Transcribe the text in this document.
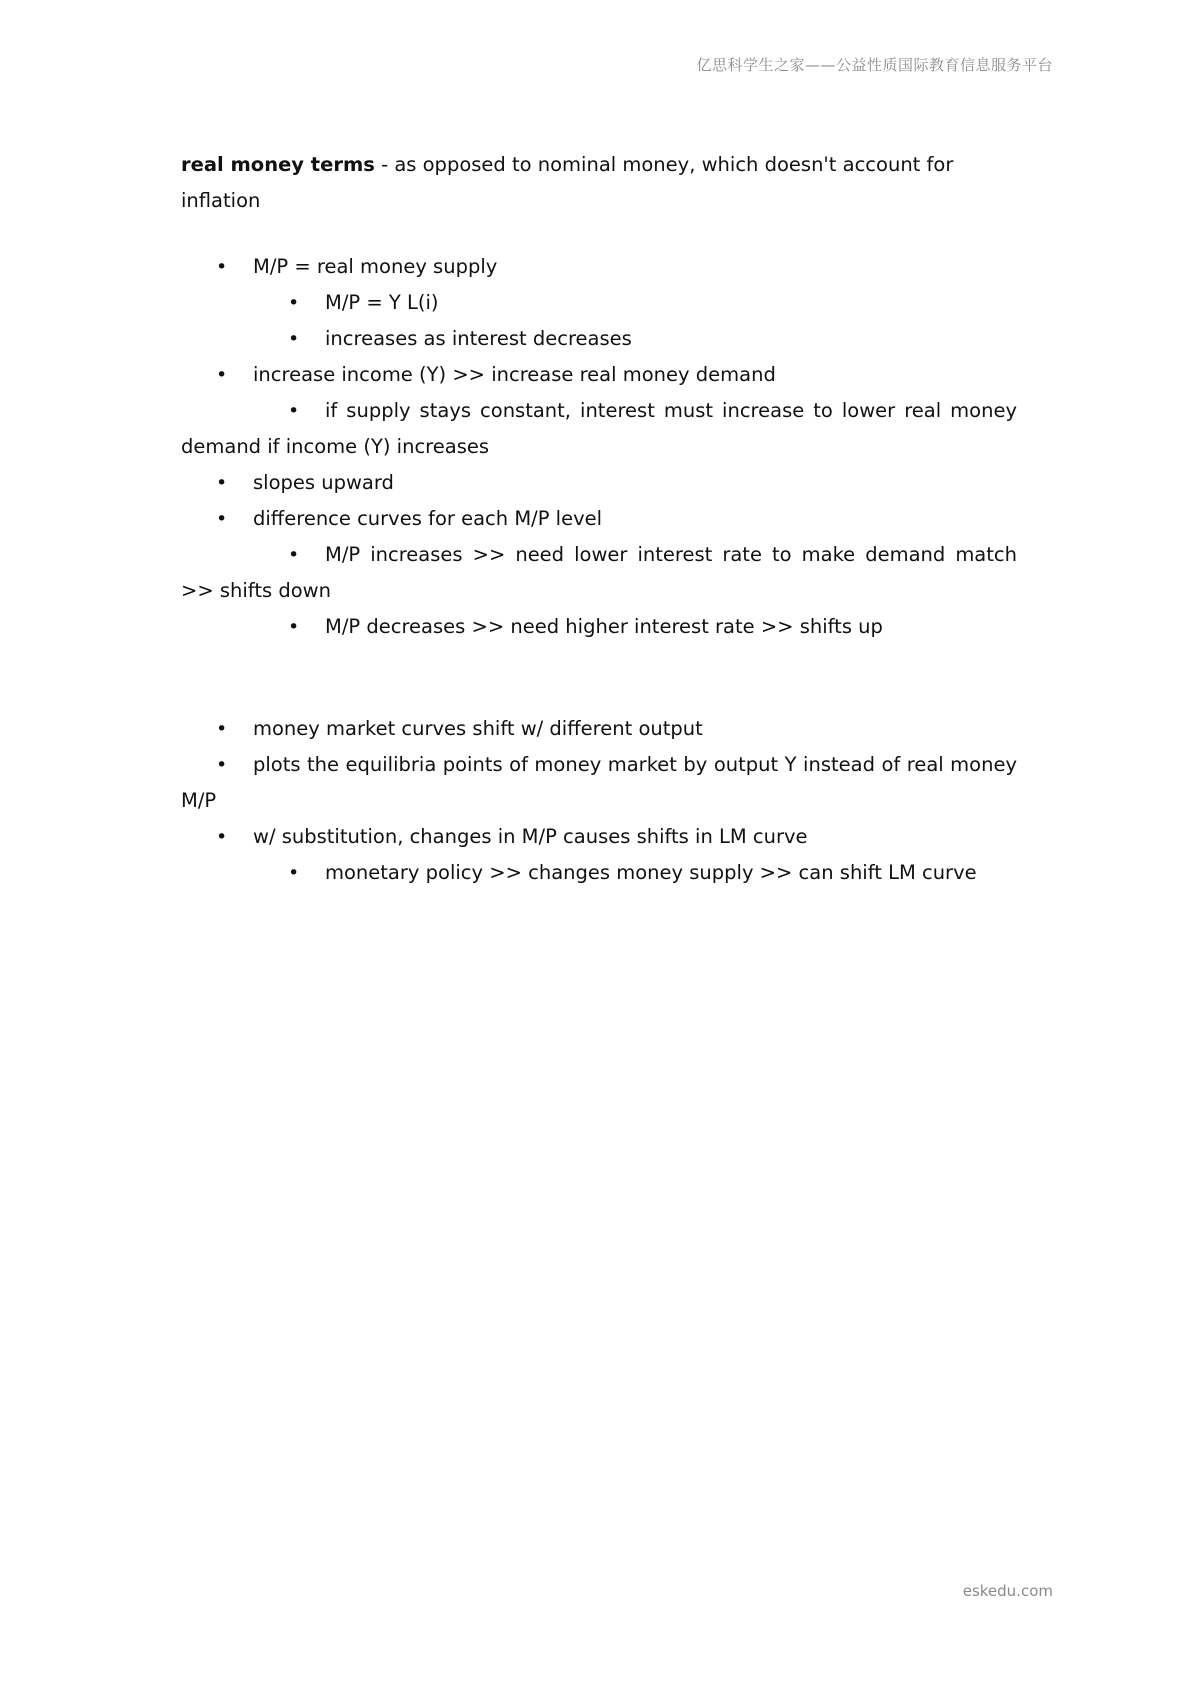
亿思科学生之家——公益性质国际教育信息服务平台

real money terms - as opposed to nominal money, which doesn't account for inflation

• M/P = real money supply
• M/P = Y L(i)
• increases as interest decreases
• increase income (Y) >> increase real money demand
• if supply stays constant, interest must increase to lower real money demand if income (Y) increases
• slopes upward
• difference curves for each M/P level
• M/P increases >> need lower interest rate to make demand match >> shifts down
• M/P decreases >> need higher interest rate >> shifts up
• money market curves shift w/ different output
• plots the equilibria points of money market by output Y instead of real money M/P
• w/ substitution, changes in M/P causes shifts in LM curve
• monetary policy >> changes money supply >> can shift LM curve
eskedu.com
